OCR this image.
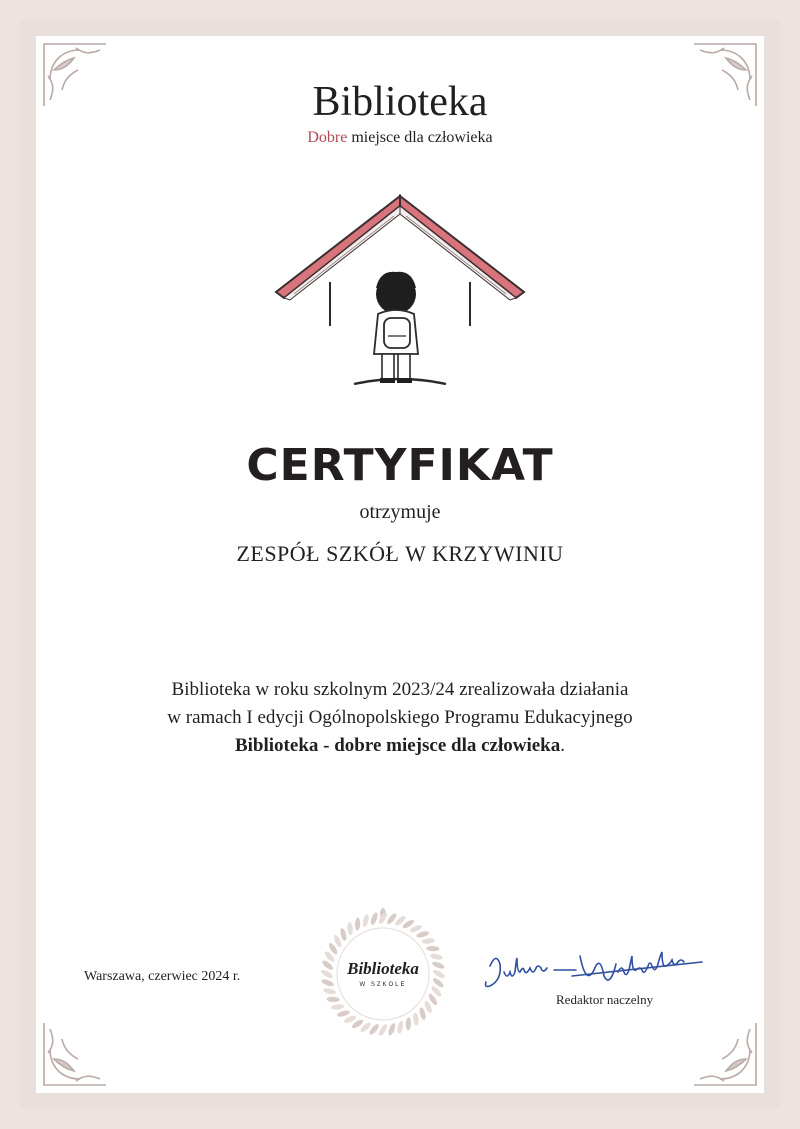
Biblioteka
Dobre miejsce dla człowieka
CERTYFIKAT
otrzymuje
ZESPÓŁ SZKÓŁ W KRZYWINIU
Biblioteka w roku szkolnym 2023/24 zrealizowała działania
w ramach I edycji Ogólnopolskiego Programu Edukacyjnego
Biblioteka - dobre miejsce dla człowieka.
Warszawa, czerwiec 2024 r.	Biblioteka
W SZKOLE
Redaktor naczelny
